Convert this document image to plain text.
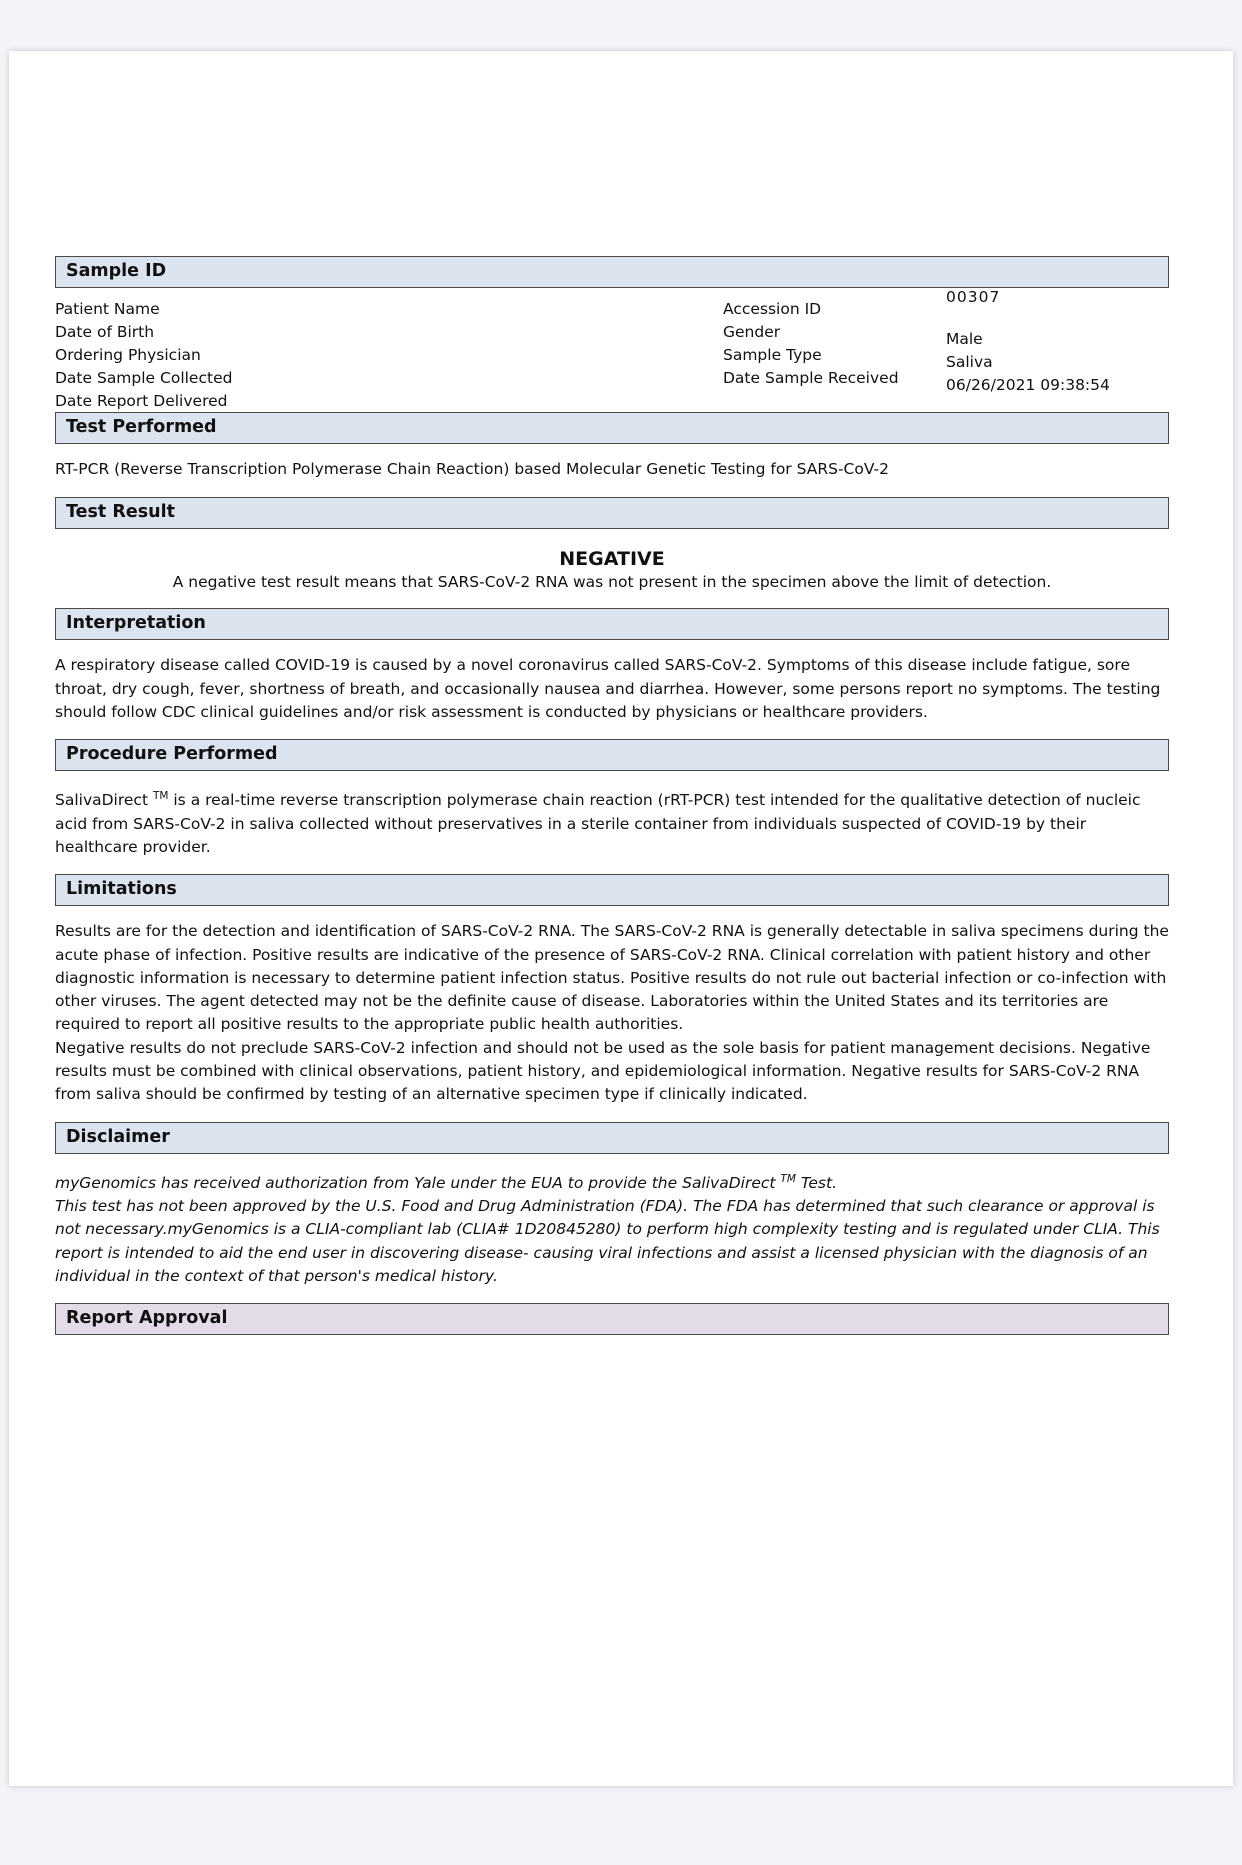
Sample ID
Patient Name
Date of Birth
Ordering Physician
Date Sample Collected
Date Report Delivered
Accession ID
Gender
Sample Type
Date Sample Received
00307
Male
Saliva
06/26/2021 09:38:54
Test Performed
RT-PCR (Reverse Transcription Polymerase Chain Reaction) based Molecular Genetic Testing for SARS-CoV-2
Test Result
NEGATIVE
A negative test result means that SARS-CoV-2 RNA was not present in the specimen above the limit of detection.
Interpretation
A respiratory disease called COVID-19 is caused by a novel coronavirus called SARS-CoV-2. Symptoms of this disease include fatigue, sore throat, dry cough, fever, shortness of breath, and occasionally nausea and diarrhea. However, some persons report no symptoms. The testing should follow CDC clinical guidelines and/or risk assessment is conducted by physicians or healthcare providers.
Procedure Performed
SalivaDirect ™ is a real-time reverse transcription polymerase chain reaction (rRT-PCR) test intended for the qualitative detection of nucleic acid from SARS-CoV-2 in saliva collected without preservatives in a sterile container from individuals suspected of COVID-19 by their healthcare provider.
Limitations
Results are for the detection and identification of SARS-CoV-2 RNA. The SARS-CoV-2 RNA is generally detectable in saliva specimens during the acute phase of infection. Positive results are indicative of the presence of SARS-CoV-2 RNA. Clinical correlation with patient history and other diagnostic information is necessary to determine patient infection status. Positive results do not rule out bacterial infection or co-infection with other viruses. The agent detected may not be the definite cause of disease. Laboratories within the United States and its territories are required to report all positive results to the appropriate public health authorities.
Negative results do not preclude SARS-CoV-2 infection and should not be used as the sole basis for patient management decisions. Negative results must be combined with clinical observations, patient history, and epidemiological information. Negative results for SARS-CoV-2 RNA from saliva should be confirmed by testing of an alternative specimen type if clinically indicated.
Disclaimer
myGenomics has received authorization from Yale under the EUA to provide the SalivaDirect ™ Test.
This test has not been approved by the U.S. Food and Drug Administration (FDA). The FDA has determined that such clearance or approval is not necessary.myGenomics is a CLIA-compliant lab (CLIA# 1D20845280) to perform high complexity testing and is regulated under CLIA. This report is intended to aid the end user in discovering disease- causing viral infections and assist a licensed physician with the diagnosis of an individual in the context of that person's medical history.
Report Approval
